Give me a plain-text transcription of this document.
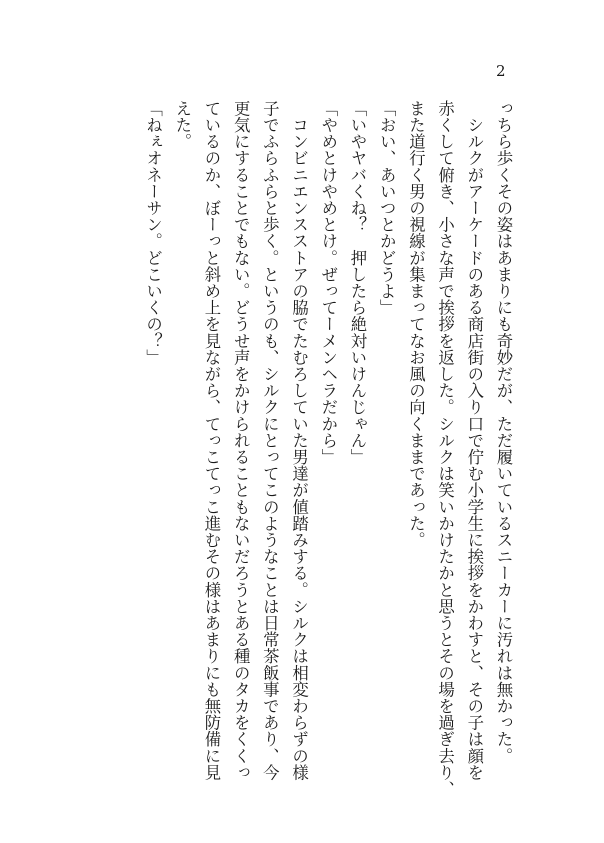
2
っちら歩くその姿はあまりにも奇妙だが、ただ履いているスニーカーに汚れは無かった。
　シルクがアーケードのある商店街の入り口で佇む小学生に挨拶をかわすと、その子は顔を
赤くして俯き、小さな声で挨拶を返した。シルクは笑いかけたかと思うとその場を過ぎ去り、
また道行く男の視線が集まってなお風の向くままであった。
「おい、あいつとかどうよ」
「いやヤバくね？　押したら絶対いけんじゃん」
「やめとけやめとけ。ぜってーメンヘラだから」
　コンビニエンスストアの脇でたむろしていた男達が値踏みする。シルクは相変わらずの様
子でふらふらと歩く。というのも、シルクにとってこのようなことは日常茶飯事であり、今
更気にすることでもない。どうせ声をかけられることもないだろうとある種のタカをくくっ
ているのか、ぼーっと斜め上を見ながら、てっこてっこ進むその様はあまりにも無防備に見
えた。
「ねぇオネーサン。どこいくの？」
